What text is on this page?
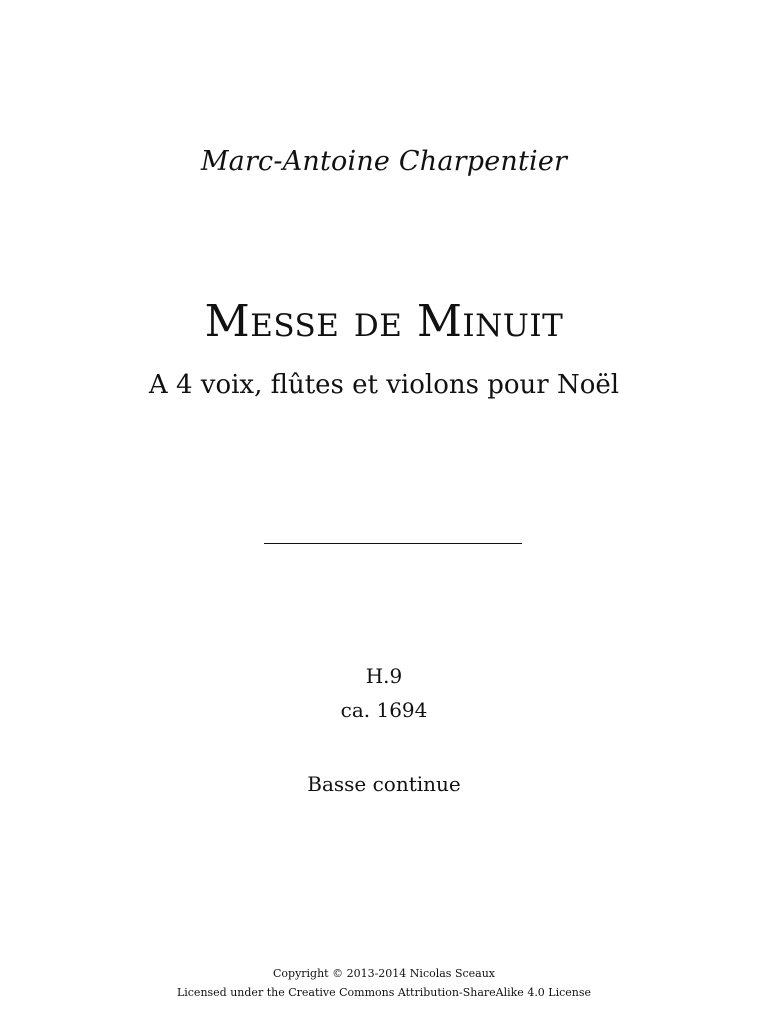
Marc-Antoine Charpentier
Messe de Minuit
A 4 voix, flûtes et violons pour Noël
H.9
ca. 1694
Basse continue
Copyright © 2013-2014 Nicolas Sceaux
Licensed under the Creative Commons Attribution-ShareAlike 4.0 License
